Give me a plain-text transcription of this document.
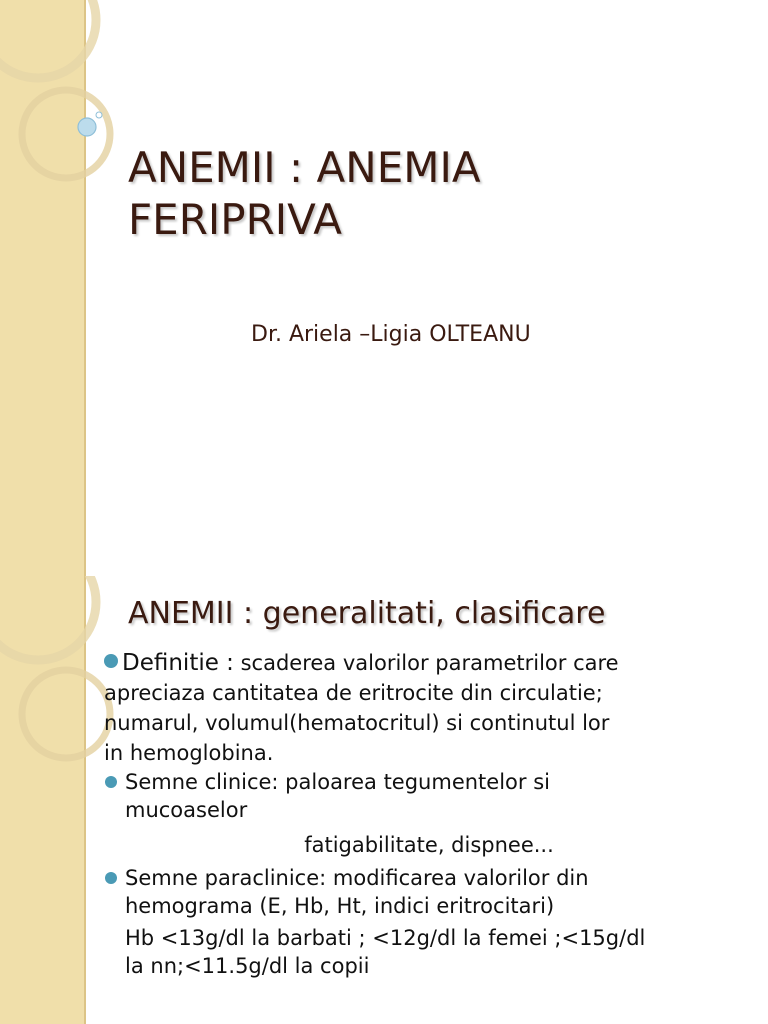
ANEMII : ANEMIA
FERIPRIVA
Dr. Ariela –Ligia OLTEANU
ANEMII : generalitati, clasificare

Definitie : scaderea valorilor parametrilor care

apreciaza cantitatea de eritrocite din circulatie;

numarul, volumul(hematocritul) si continutul lor

in hemoglobina.

Semne clinice: paloarea tegumentelor si
mucoaselor

fatigabilitate, dispnee...

Semne paraclinice: modificarea valorilor din
hemograma (E, Hb, Ht, indici eritrocitari)
Hb <13g/dl la barbati ; <12g/dl la femei ;<15g/dl
la nn;<11.5g/dl la copii
